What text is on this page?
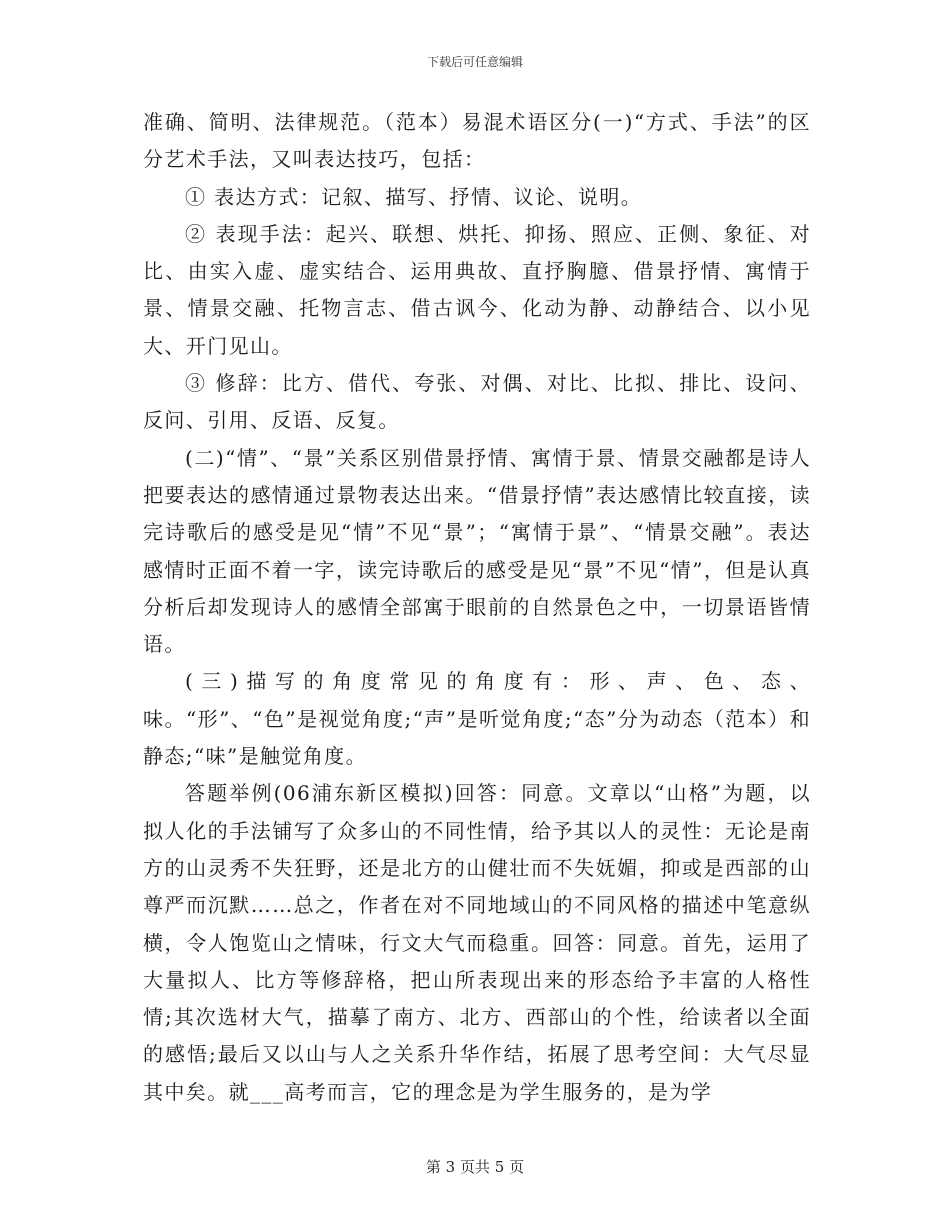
下载后可任意编辑

准确、简明、法律规范。（范本）易混术语区分(一)“方式、手法”的区分艺术手法，又叫表达技巧，包括：

① 表达方式：记叙、描写、抒情、议论、说明。

② 表现手法：起兴、联想、烘托、抑扬、照应、正侧、象征、对比、由实入虚、虚实结合、运用典故、直抒胸臆、借景抒情、寓情于景、情景交融、托物言志、借古讽今、化动为静、动静结合、以小见大、开门见山。

③ 修辞：比方、借代、夸张、对偶、对比、比拟、排比、设问、反问、引用、反语、反复。

(二)“情”、“景”关系区别借景抒情、寓情于景、情景交融都是诗人把要表达的感情通过景物表达出来。“借景抒情”表达感情比较直接，读完诗歌后的感受是见“情”不见“景”；“寓情于景”、“情景交融”。表达感情时正面不着一字，读完诗歌后的感受是见“景”不见“情”，但是认真分析后却发现诗人的感情全部寓于眼前的自然景色之中，一切景语皆情语。

(三)描写的角度常见的角度有：形、声、色、态、味。“形”、“色”是视觉角度;“声”是听觉角度;“态”分为动态（范本）和静态;“味”是触觉角度。

答题举例(06浦东新区模拟)回答：同意。文章以“山格”为题，以拟人化的手法铺写了众多山的不同性情，给予其以人的灵性：无论是南方的山灵秀不失狂野，还是北方的山健壮而不失妩媚，抑或是西部的山尊严而沉默……总之，作者在对不同地域山的不同风格的描述中笔意纵横，令人饱览山之情味，行文大气而稳重。回答：同意。首先，运用了大量拟人、比方等修辞格，把山所表现出来的形态给予丰富的人格性情;其次选材大气，描摹了南方、北方、西部山的个性，给读者以全面的感悟;最后又以山与人之关系升华作结，拓展了思考空间：大气尽显其中矣。就___高考而言，它的理念是为学生服务的，是为学

第 3 页共 5 页
